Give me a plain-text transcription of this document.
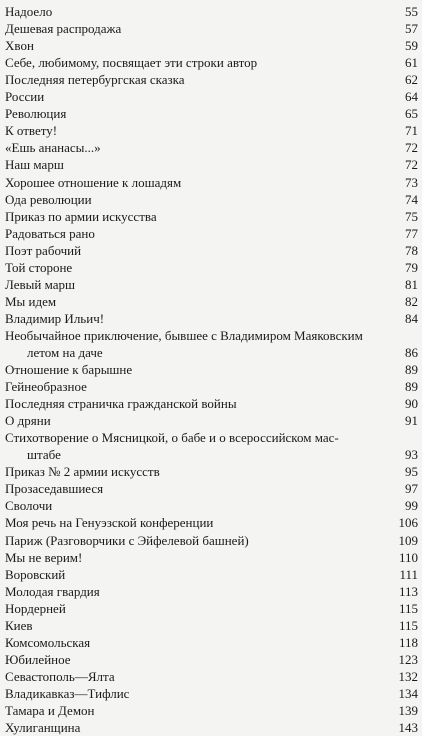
Надоело	55
Дешевая распродажа	57
Хвон	59
Себе, любимому, посвящает эти строки автор	61
Последняя петербургская сказка	62
России	64
Революция	65
К ответу!	71
«Ешь ананасы...»	72
Наш марш	72
Хорошее отношение к лошадям	73
Ода революции	74
Приказ по армии искусства	75
Радоваться рано	77
Поэт рабочий	78
Той стороне	79
Левый марш	81
Мы идем	82
Владимир Ильич!	84
Необычайное приключение, бывшее с Владимиром Маяковским
летом на даче	86
Отношение к барышне	89
Гейнеобразное	89
Последняя страничка гражданской войны	90
О дряни	91
Стихотворение о Мясницкой, о бабе и о всероссийском мас-
штабе	93
Приказ № 2 армии искусств	95
Прозаседавшиеся	97
Сволочи	99
Моя речь на Генуэзской конференции	106
Париж (Разговорчики с Эйфелевой башней)	109
Мы не верим!	110
Воровский	111
Молодая гвардия	113
Нордерней	115
Киев	115
Комсомольская	118
Юбилейное	123
Севастополь—Ялта	132
Владикавказ—Тифлис	134
Тамара и Демон	139
Хулиганщина	143
